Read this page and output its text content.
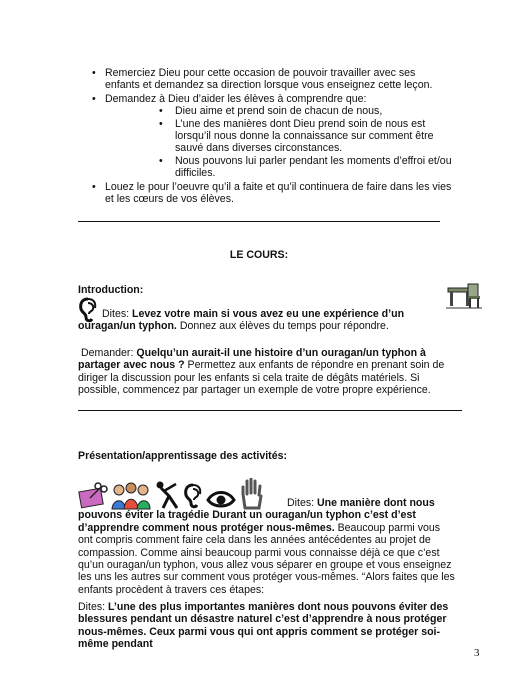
• Remerciez Dieu pour cette occasion de pouvoir travailler avec ses enfants et demandez sa direction lorsque vous enseignez cette leçon.
• Demandez à Dieu d’aider les élèves à comprendre que:
• Dieu aime et prend soin de chacun de nous,
• L’une des manières dont Dieu prend soin de nous est lorsqu’il nous donne la connaissance sur comment être sauvé dans diverses circonstances.
• Nous pouvons lui parler pendant les moments d’effroi et/ou difficiles.
• Louez le pour l’oeuvre qu’il a faite et qu’il continuera de faire dans les vies et les cœurs de vos élèves.
LE COURS:
Introduction:

Dites: Levez votre main si vous avez eu une expérience d’un ouragan/un typhon. Donnez aux élèves du temps pour répondre.

Demander: Quelqu’un aurait-il une histoire d’un ouragan/un typhon à partager avec nous ? Permettez aux enfants de répondre en prenant soin de diriger la discussion pour les enfants si cela traite de dégâts matériels. Si possible, commencez par partager un exemple de votre propre expérience.

Présentation/apprentissage des activités:

Dites: Une manière dont nous pouvons éviter la tragédie Durant un ouragan/un typhon c’est d’est d’apprendre comment nous protéger nous-mêmes. Beaucoup parmi vous ont compris comment faire cela dans les années antécédentes au projet de compassion. Comme ainsi beaucoup parmi vous connaisse déjà ce que c’est qu’un ouragan/un typhon, vous allez vous séparer en groupe et vous enseignez les uns les autres sur comment vous protéger vous-mêmes. “Alors faites que les enfants procèdent à travers ces étapes:

Dites: L’une des plus importantes manières dont nous pouvons éviter des blessures pendant un désastre naturel c’est d’apprendre à nous protéger nous-mêmes. Ceux parmi vous qui ont appris comment se protéger soi-même pendant

3
